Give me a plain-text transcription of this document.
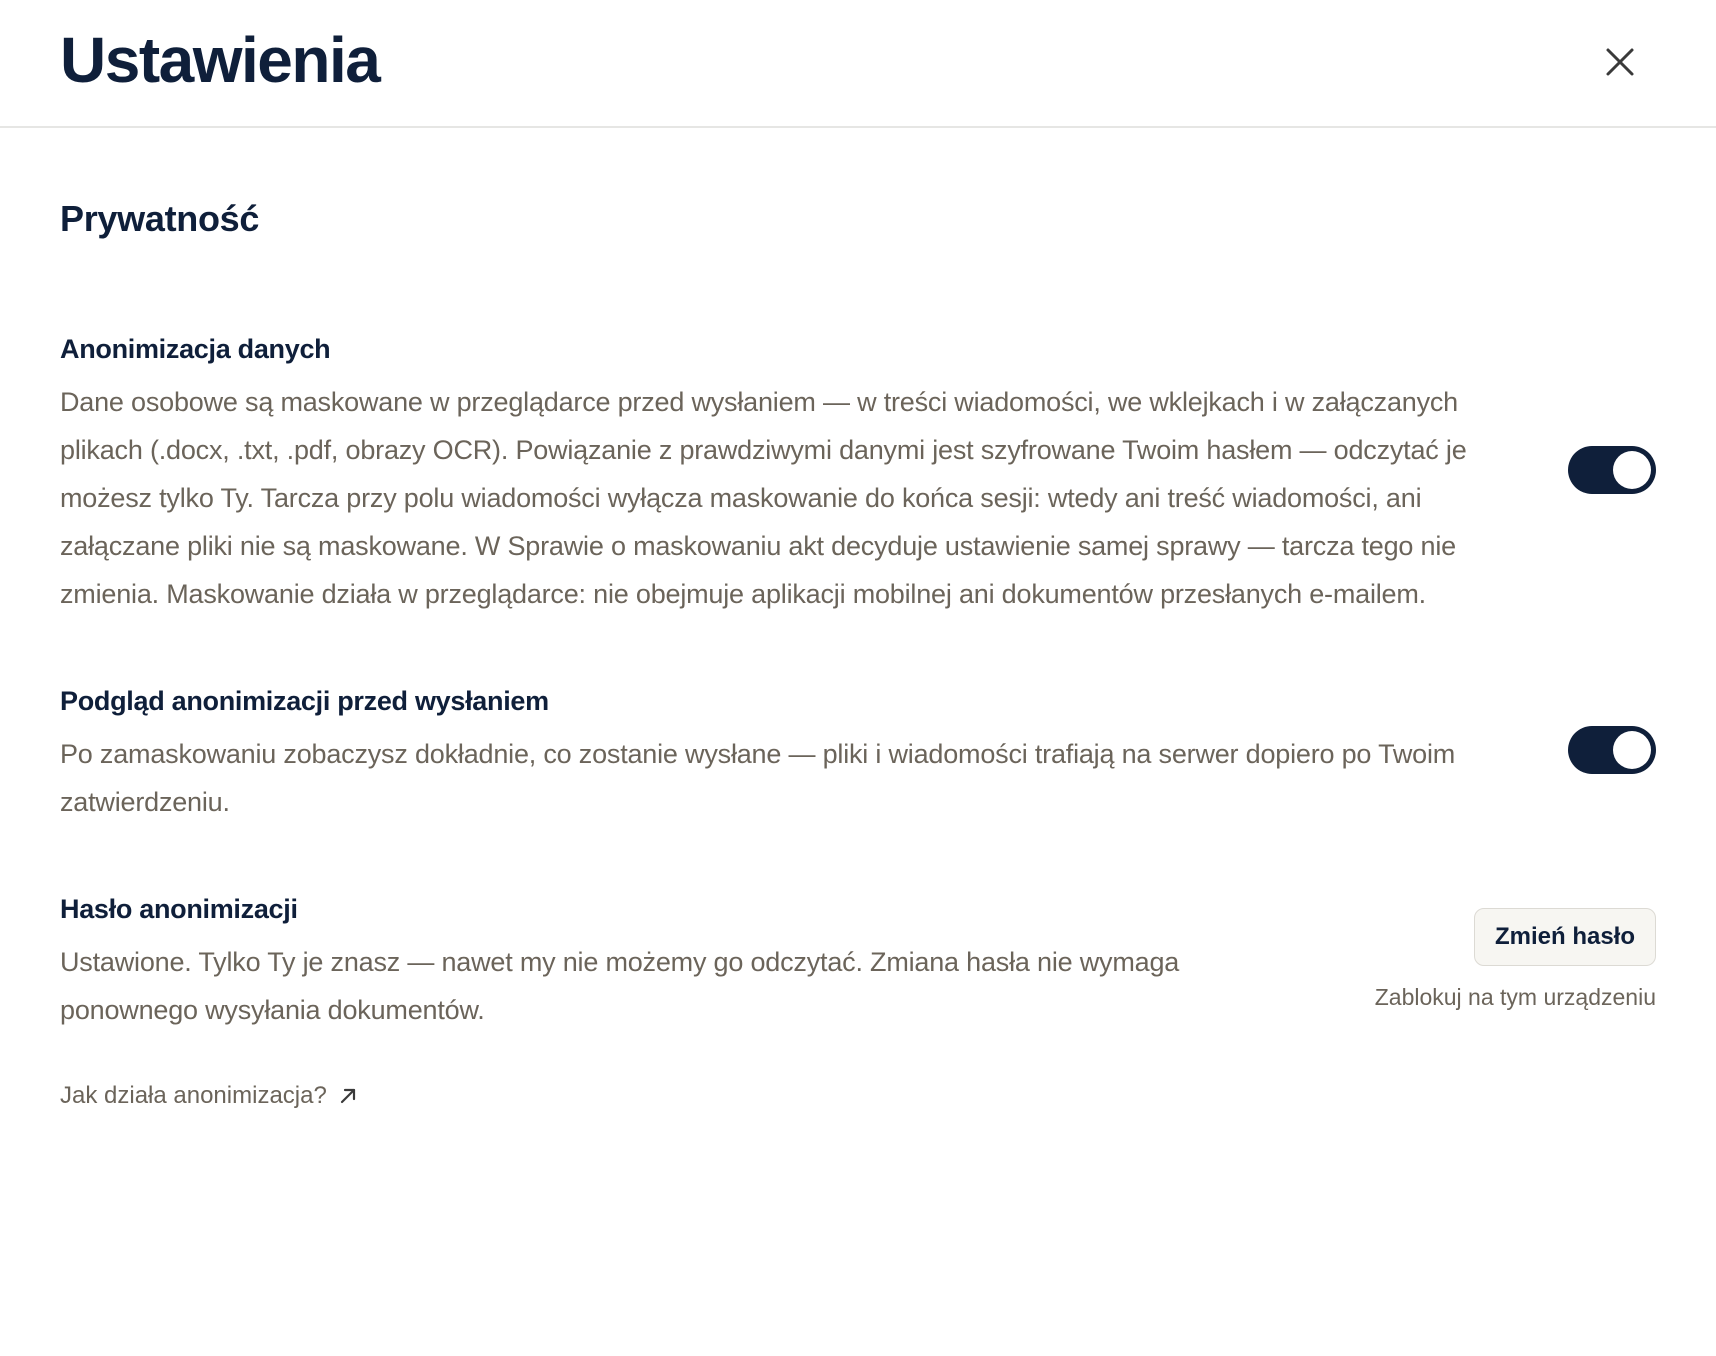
Ustawienia
Prywatność
Anonimizacja danych
Dane osobowe są maskowane w przeglądarce przed wysłaniem — w treści wiadomości, we wklejkach i w załączanych
plikach (.docx, .txt, .pdf, obrazy OCR). Powiązanie z prawdziwymi danymi jest szyfrowane Twoim hasłem — odczytać je
możesz tylko Ty. Tarcza przy polu wiadomości wyłącza maskowanie do końca sesji: wtedy ani treść wiadomości, ani
załączane pliki nie są maskowane. W Sprawie o maskowaniu akt decyduje ustawienie samej sprawy — tarcza tego nie
zmienia. Maskowanie działa w przeglądarce: nie obejmuje aplikacji mobilnej ani dokumentów przesłanych e-mailem.
Podgląd anonimizacji przed wysłaniem
Po zamaskowaniu zobaczysz dokładnie, co zostanie wysłane — pliki i wiadomości trafiają na serwer dopiero po Twoim
zatwierdzeniu.
Hasło anonimizacji
Ustawione. Tylko Ty je znasz — nawet my nie możemy go odczytać. Zmiana hasła nie wymaga
ponownego wysyłania dokumentów.
Zmień hasło
Zablokuj na tym urządzeniu
Jak działa anonimizacja?
